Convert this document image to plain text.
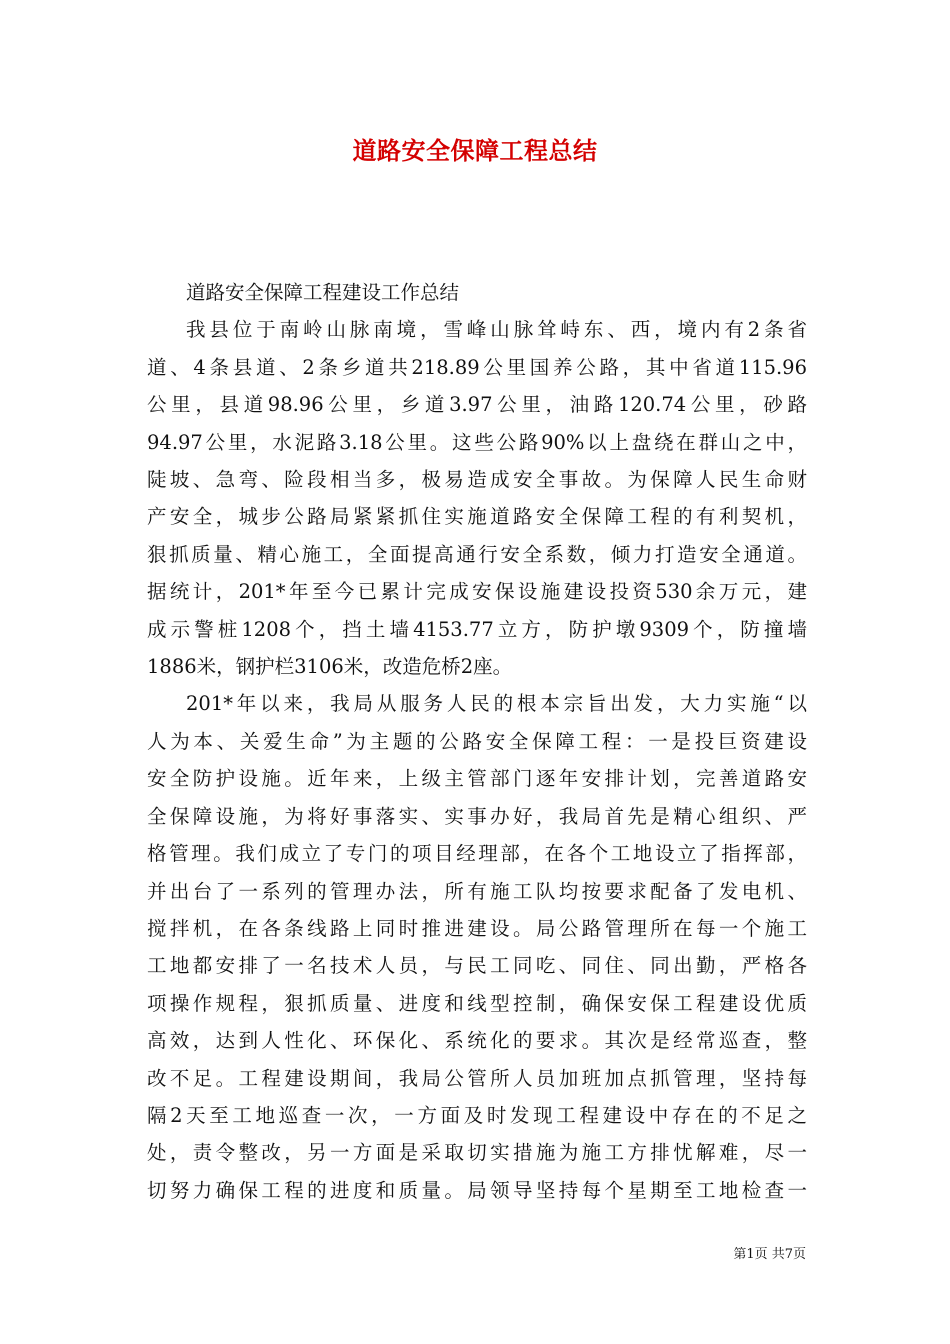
道路安全保障工程总结

道路安全保障工程建设工作总结

我县位于南岭山脉南境，雪峰山脉耸峙东、西，境内有2条省
道、4条县道、2条乡道共218.89公里国养公路，其中省道115.96
公里，县道98.96公里，乡道3.97公里，油路120.74公里，砂路
94.97公里，水泥路3.18公里。这些公路90%以上盘绕在群山之中，
陡坡、急弯、险段相当多，极易造成安全事故。为保障人民生命财
产安全，城步公路局紧紧抓住实施道路安全保障工程的有利契机，
狠抓质量、精心施工，全面提高通行安全系数，倾力打造安全通道。
据统计，201*年至今已累计完成安保设施建设投资530余万元，建
成示警桩1208个，挡土墙4153.77立方，防护墩9309个，防撞墙
1886米，钢护栏3106米，改造危桥2座。
201*年以来，我局从服务人民的根本宗旨出发，大力实施“以
人为本、关爱生命”为主题的公路安全保障工程：一是投巨资建设
安全防护设施。近年来，上级主管部门逐年安排计划，完善道路安
全保障设施，为将好事落实、实事办好，我局首先是精心组织、严
格管理。我们成立了专门的项目经理部，在各个工地设立了指挥部，
并出台了一系列的管理办法，所有施工队均按要求配备了发电机、
搅拌机，在各条线路上同时推进建设。局公路管理所在每一个施工
工地都安排了一名技术人员，与民工同吃、同住、同出勤，严格各
项操作规程，狠抓质量、进度和线型控制，确保安保工程建设优质
高效，达到人性化、环保化、系统化的要求。其次是经常巡查，整
改不足。工程建设期间，我局公管所人员加班加点抓管理，坚持每
隔2天至工地巡查一次，一方面及时发现工程建设中存在的不足之
处，责令整改，另一方面是采取切实措施为施工方排忧解难，尽一
切努力确保工程的进度和质量。局领导坚持每个星期至工地检查一
第1页 共7页
